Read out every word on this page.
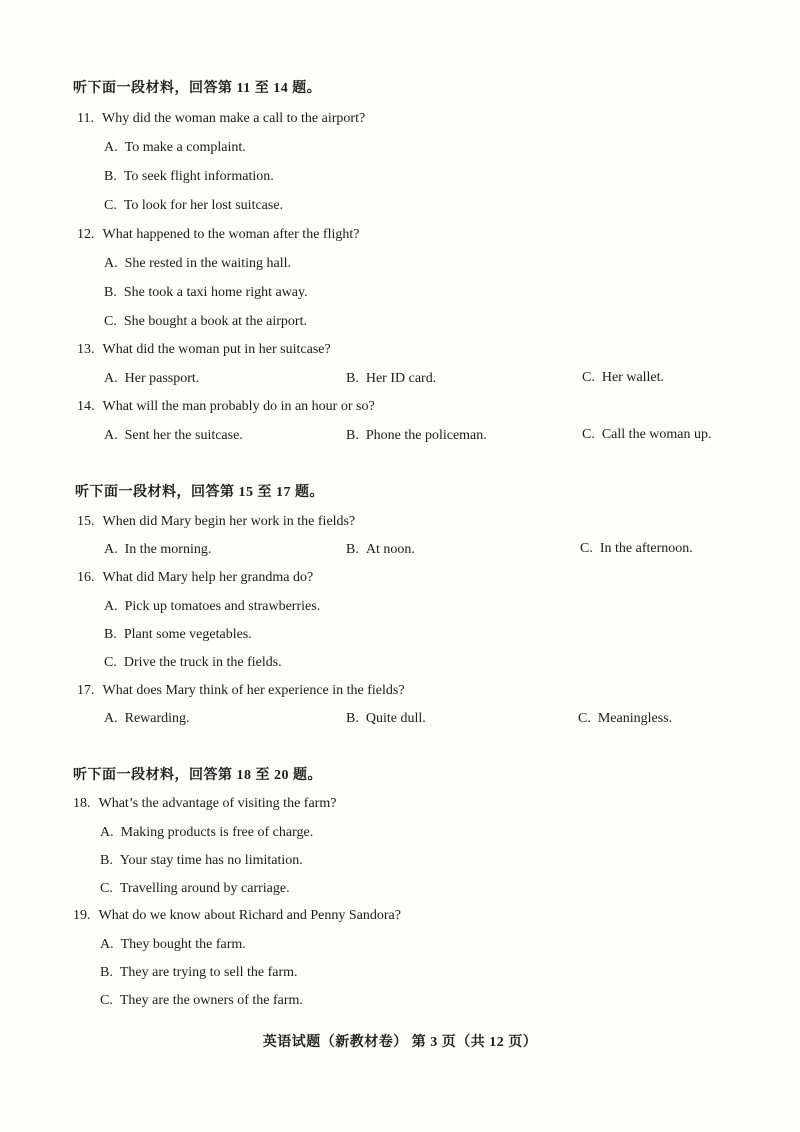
听下面一段材料，回答第 11 至 14 题。
11. Why did the woman make a call to the airport?
A. To make a complaint.
B. To seek flight information.
C. To look for her lost suitcase.
12. What happened to the woman after the flight?
A. She rested in the waiting hall.
B. She took a taxi home right away.
C. She bought a book at the airport.
13. What did the woman put in her suitcase?
A. Her passport.	B. Her ID card.	C. Her wallet.
14. What will the man probably do in an hour or so?
A. Sent her the suitcase.	B. Phone the policeman.	C. Call the woman up.
听下面一段材料，回答第 15 至 17 题。
15. When did Mary begin her work in the fields?
A. In the morning.	B. At noon.	C. In the afternoon.
16. What did Mary help her grandma do?
A. Pick up tomatoes and strawberries.
B. Plant some vegetables.
C. Drive the truck in the fields.
17. What does Mary think of her experience in the fields?
A. Rewarding.	B. Quite dull.	C. Meaningless.
听下面一段材料，回答第 18 至 20 题。
18. What’s the advantage of visiting the farm?
A. Making products is free of charge.
B. Your stay time has no limitation.
C. Travelling around by carriage.
19. What do we know about Richard and Penny Sandora?
A. They bought the farm.
B. They are trying to sell the farm.
C. They are the owners of the farm.
英语试题（新教材卷） 第 3 页（共 12 页）
